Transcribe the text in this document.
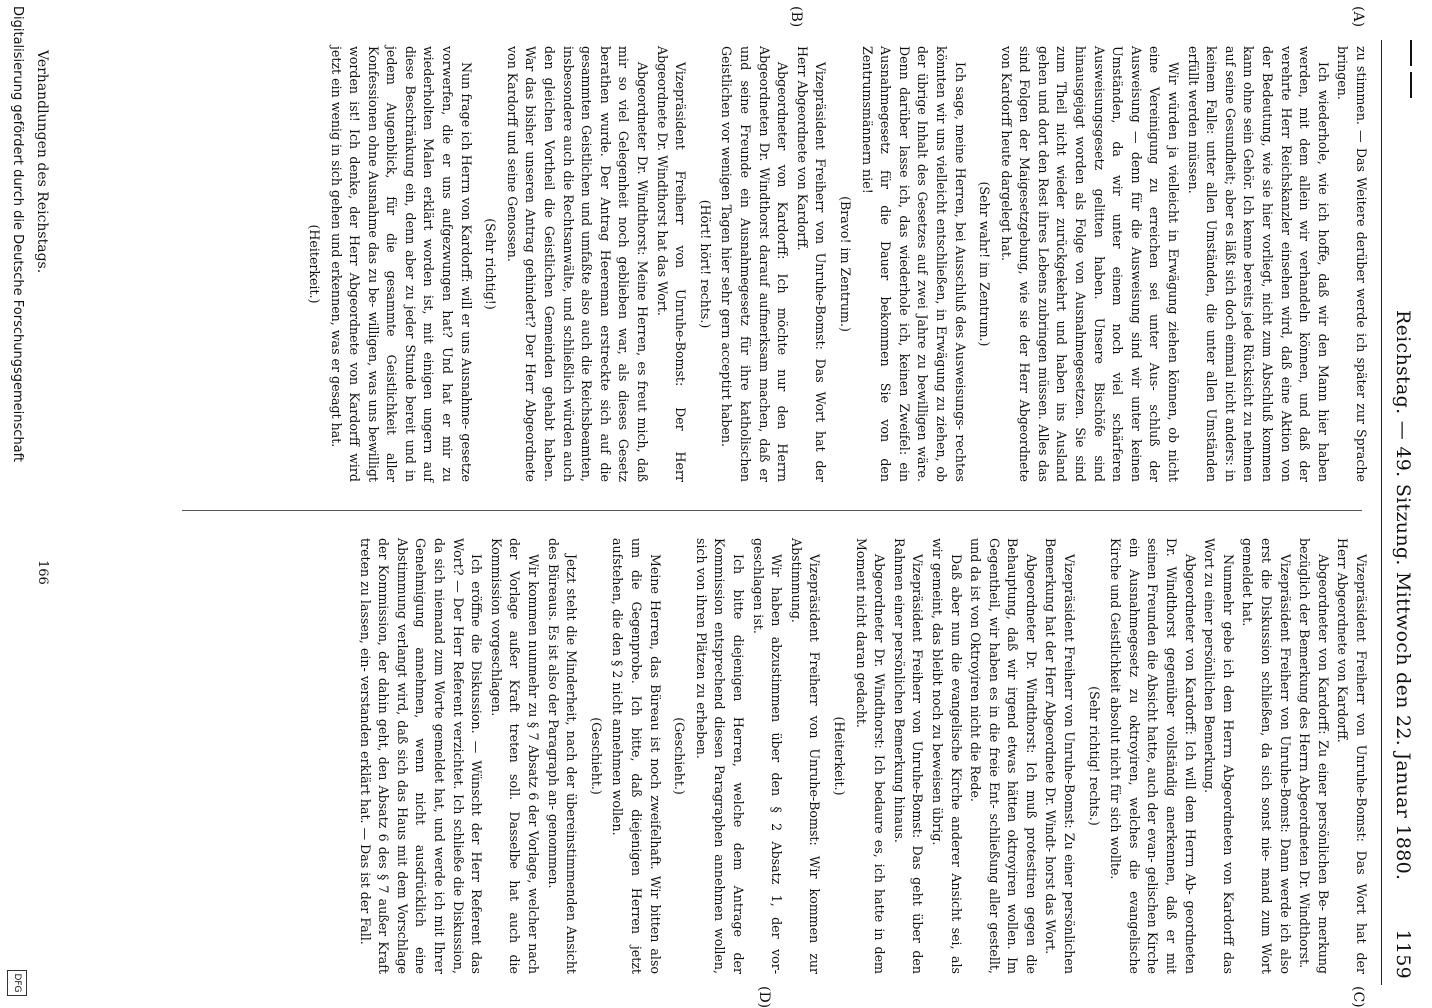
Reichstag. — 49. Sitzung. Mittwoch den 22. Januar 1880.
1159
(A)
(B)
(C)
(D)

zu stimmen. — Das Weitere derüber werde ich später zur Sprache bringen.

Ich wiederhole, wie ich hoffe, daß wir den Mann hier haben werden, mit dem allein wir verhandeln können, und daß der verehrte Herr Reichskanzler einsehen wird, daß eine Aktion von der Bedeutung, wie sie hier vorliegt, nicht zum Abschluß kommen kann ohne sein Gehör. Ich kenne bereits jede Rücksicht zu nehmen auf seine Gesundheit; aber es läßt sich doch einmal nicht anders: in keinem Falle: unter allen Umständen, die unter allen Umständen erfüllt werden müssen.

Wir würden ja vielleicht in Erwägung ziehen können, ob nicht eine Vereinigung zu erreichen sei unter Aus- schluß der Ausweisung — denn für die Ausweisung sind wir unter keinen Umständen, da wir unter einem noch viel schärferen Ausweisungsgesetz gelitten haben. Unsere Bischöfe sind hinausgejagt worden als Folge von Ausnahmegesetzen. Sie sind zum Theil nicht wieder zurückgekehrt und haben ins Ausland gehen und dort den Rest ihres Lebens zubringen müssen. Alles das sind Folgen der Maigesetzgebung, wie sie der Herr Abgeordnete von Kardorff heute dargelegt hat.

(Sehr wahr! im Zentrum.)

Ich sage, meine Herren, bei Ausschluß des Ausweisungs- rechtes könnten wir uns vielleicht entschließen, in Erwägung zu ziehen, ob der übrige Inhalt des Gesetzes auf zwei Jahre zu bewilligen wäre. Denn darüber lasse ich, das wiederhole ich, keinen Zweifel: ein Ausnahmegesetz für die Dauer bekommen Sie von den Zentrumsmännern nie!

(Bravo! im Zentrum.)

Vizepräsident Freiherr von Unruhe-Bomst: Das Wort hat der Herr Abgeordnete von Kardorff.

Abgeordneter von Kardorff: Ich möchte nur den Herrn Abgeordneten Dr. Windthorst darauf aufmerksam machen, daß er und seine Freunde ein Ausnahmegesetz für ihre katholischen Geistlichen vor wenigen Tagen hier sehr gern acceptirt haben.

(Hört! hört! rechts.)

Vizepräsident Freiherr von Unruhe-Bomst: Der Herr Abgeordnete Dr. Windthorst hat das Wort.

Abgeordneter Dr. Windthorst: Meine Herren, es freut mich, daß mir so viel Gelegenheit noch geblieben war, als dieses Gesetz berathen wurde. Der Antrag Heereman erstreckte sich auf die gesammten Geistlichen und umfaßte also auch die Reichsbeamten, insbesondere auch die Rechtsanwälte, und schließlich würden auch den gleichen Vortheil die Geistlichen Gemeinden gehabt haben. War das bisher unseren Antrag gehindert? Der Herr Abgeordnete von Kardorff und seine Genossen.

(Sehr richtig!)

Nun frage ich Herrn von Kardorff: will er uns Ausnahme- gesetze vorwerfen, die er uns aufgezwungen hat? Und hat er mir zu wiederholten Malen erklärt worden ist, mit einigen ungern auf diese Beschränkung ein, denn aber zu jeder Stunde bereit und in jedem Augenblick, für die gesammte Geistlichkeit aller Konfessionen ohne Ausnahme das zu be- willigen, was uns bewilligt worden ist! Ich denke, der Herr Abgeordnete von Kardorff wird jetzt ein wenig in sich gehen und erkennen, was er gesagt hat.

(Heiterkeit.)

Vizepräsident Freiherr von Unruhe-Bomst: Das Wort hat der Herr Abgeordnete von Kardorff.

Abgeordneter von Kardorff: Zu einer persönlichen Be- merkung bezüglich der Bemerkung des Herrn Abgeordneten Dr. Windthorst.

Vizepräsident Freiherr von Unruhe-Bomst: Dann werde ich also erst die Diskussion schließen, da sich sonst nie- mand zum Wort gemeldet hat.

Nunmehr gebe ich dem Herrn Abgeordneten von Kardorff das Wort zu einer persönlichen Bemerkung.

Abgeordneter von Kardorff: Ich will dem Herrn Ab- geordneten Dr. Windthorst gegenüber vollständig anerkennen, daß er mit seinen Freunden die Absicht hatte, auch der evan- gelischen Kirche ein Ausnahmegesetz zu oktroyiren, welches die evangelische Kirche und Geistlichkeit absolut nicht für sich wollte.

(Sehr richtig! rechts.)

Vizepräsident Freiherr von Unruhe-Bomst: Zu einer persönlichen Bemerkung hat der Herr Abgeordnete Dr. Windt- horst das Wort.

Abgeordneter Dr. Windthorst: Ich muß protestiren gegen die Behauptung, daß wir irgend etwas hätten oktroyiren wollen. Im Gegentheil, wir haben es in die freie Ent- schließung aller gestellt, und da ist von Oktroyiren nicht die Rede.

Daß aber nun die evangelische Kirche anderer Ansicht sei, als wir gemeint, das bleibt noch zu beweisen übrig.

Vizepräsident Freiherr von Unruhe-Bomst: Das geht über den Rahmen einer persönlichen Bemerkung hinaus.

Abgeordneter Dr. Windthorst: Ich bedaure es, ich hatte in dem Moment nicht daran gedacht.

(Heiterkeit.)

Vizepräsident Freiherr von Unruhe-Bomst: Wir kommen zur Abstimmung.

Wir haben abzustimmen über den § 2 Absatz 1, der vor- geschlagen ist.

Ich bitte diejenigen Herren, welche dem Antrage der Kommission entsprechend diesen Paragraphen annehmen wollen, sich von ihren Plätzen zu erheben.

(Geschieht.)

Meine Herren, das Büreau ist noch zweifelhaft. Wir bitten also um die Gegenprobe. Ich bitte, daß diejenigen Herren jetzt aufstehen, die den § 2 nicht annehmen wollen.

(Geschieht.)

Jetzt steht die Minderheit, nach der übereinstimmenden Ansicht des Büreaus. Es ist also der Paragraph an- genommen.

Wir kommen nunmehr zu § 7 Absatz 6 der Vorlage, welcher nach der Vorlage außer Kraft treten soll. Dasselbe hat auch die Kommission vorgeschlagen.

Ich eröffne die Diskussion. — Wünscht der Herr Referent das Wort? — Der Herr Referent verzichtet. Ich schließe die Diskussion, da sich niemand zum Worte gemeldet hat, und werde ich mit Ihrer Genehmigung annehmen, wenn nicht ausdrücklich eine Abstimmung verlangt wird, daß sich das Haus mit dem Vorschlage der Kommission, der dahin geht, den Absatz 6 des § 7 außer Kraft treten zu lassen, ein- verstanden erklärt hat. — Das ist der Fall.

Verhandlungen des Reichstags.
166
Digitalisierung gefördert durch die Deutsche Forschungsgemeinschaft
DFG
